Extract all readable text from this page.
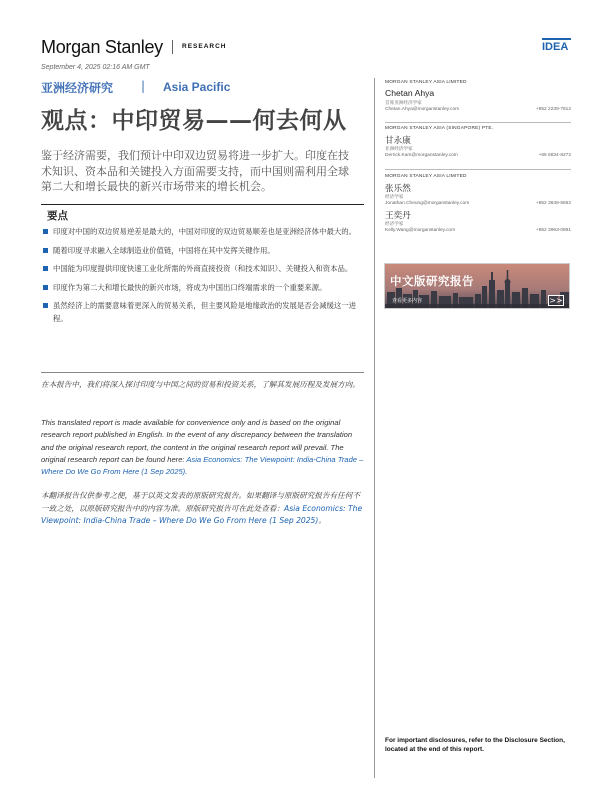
Morgan Stanley	RESEARCH	IDEA
September 4, 2025 02:16 AM GMT
亚洲经济研究 | Asia Pacific
观点：中印贸易——何去何从

鉴于经济需要，我们预计中印双边贸易将进一步扩大。印度在技术知识、资本品和关键投入方面需要支持，而中国则需利用全球第二大和增长最快的新兴市场带来的增长机会。

要点
印度对中国的双边贸易逆差是最大的，中国对印度的双边贸易顺差也是亚洲经济体中最大的。
随着印度寻求融入全球制造业价值链，中国将在其中发挥关键作用。
中国能为印度提供印度快速工业化所需的外商直接投资（和技术知识）、关键投入和资本品。
印度作为第二大和增长最快的新兴市场，将成为中国出口终端需求的一个重要来源。
虽然经济上的需要意味着更深入的贸易关系，但主要风险是地缘政治的发展是否会减缓这一进程。

在本报告中，我们将深入探讨印度与中国之间的贸易和投资关系，了解其发展历程及发展方向。

This translated report is made available for convenience only and is based on the original research report published in English. In the event of any discrepancy between the translation and the original research report, the content in the original research report will prevail. The original research report can be found here: Asia Economics: The Viewpoint: India-China Trade – Where Do We Go From Here (1 Sep 2025).

本翻译报告仅供参考之便，基于以英文发表的原版研究报告。如果翻译与原版研究报告有任何不一致之处，以原版研究报告中的内容为准。原版研究报告可在此处查看：Asia Economics: The Viewpoint: India-China Trade – Where Do We Go From Here (1 Sep 2025)。

MORGAN STANLEY ASIA LIMITED
Chetan Ahya
首席亚洲经济学家
Chetan.Ahya@morganstanley.com	+852 2239-7812
MORGAN STANLEY ASIA (SINGAPORE) PTE.
甘永康
亚洲经济学家
Derrick.Kam@morganstanley.com	+65 6834-8272
MORGAN STANLEY ASIA LIMITED
张乐然
经济学家
Jonathan.Cheung@morganstanley.com	+852 3848-5652
王奕丹
经济学家
Kelly.Wang@morganstanley.com	+852 3963-0891
中文版研究报告
查看更多内容	>>
For important disclosures, refer to the Disclosure Section, located at the end of this report.
